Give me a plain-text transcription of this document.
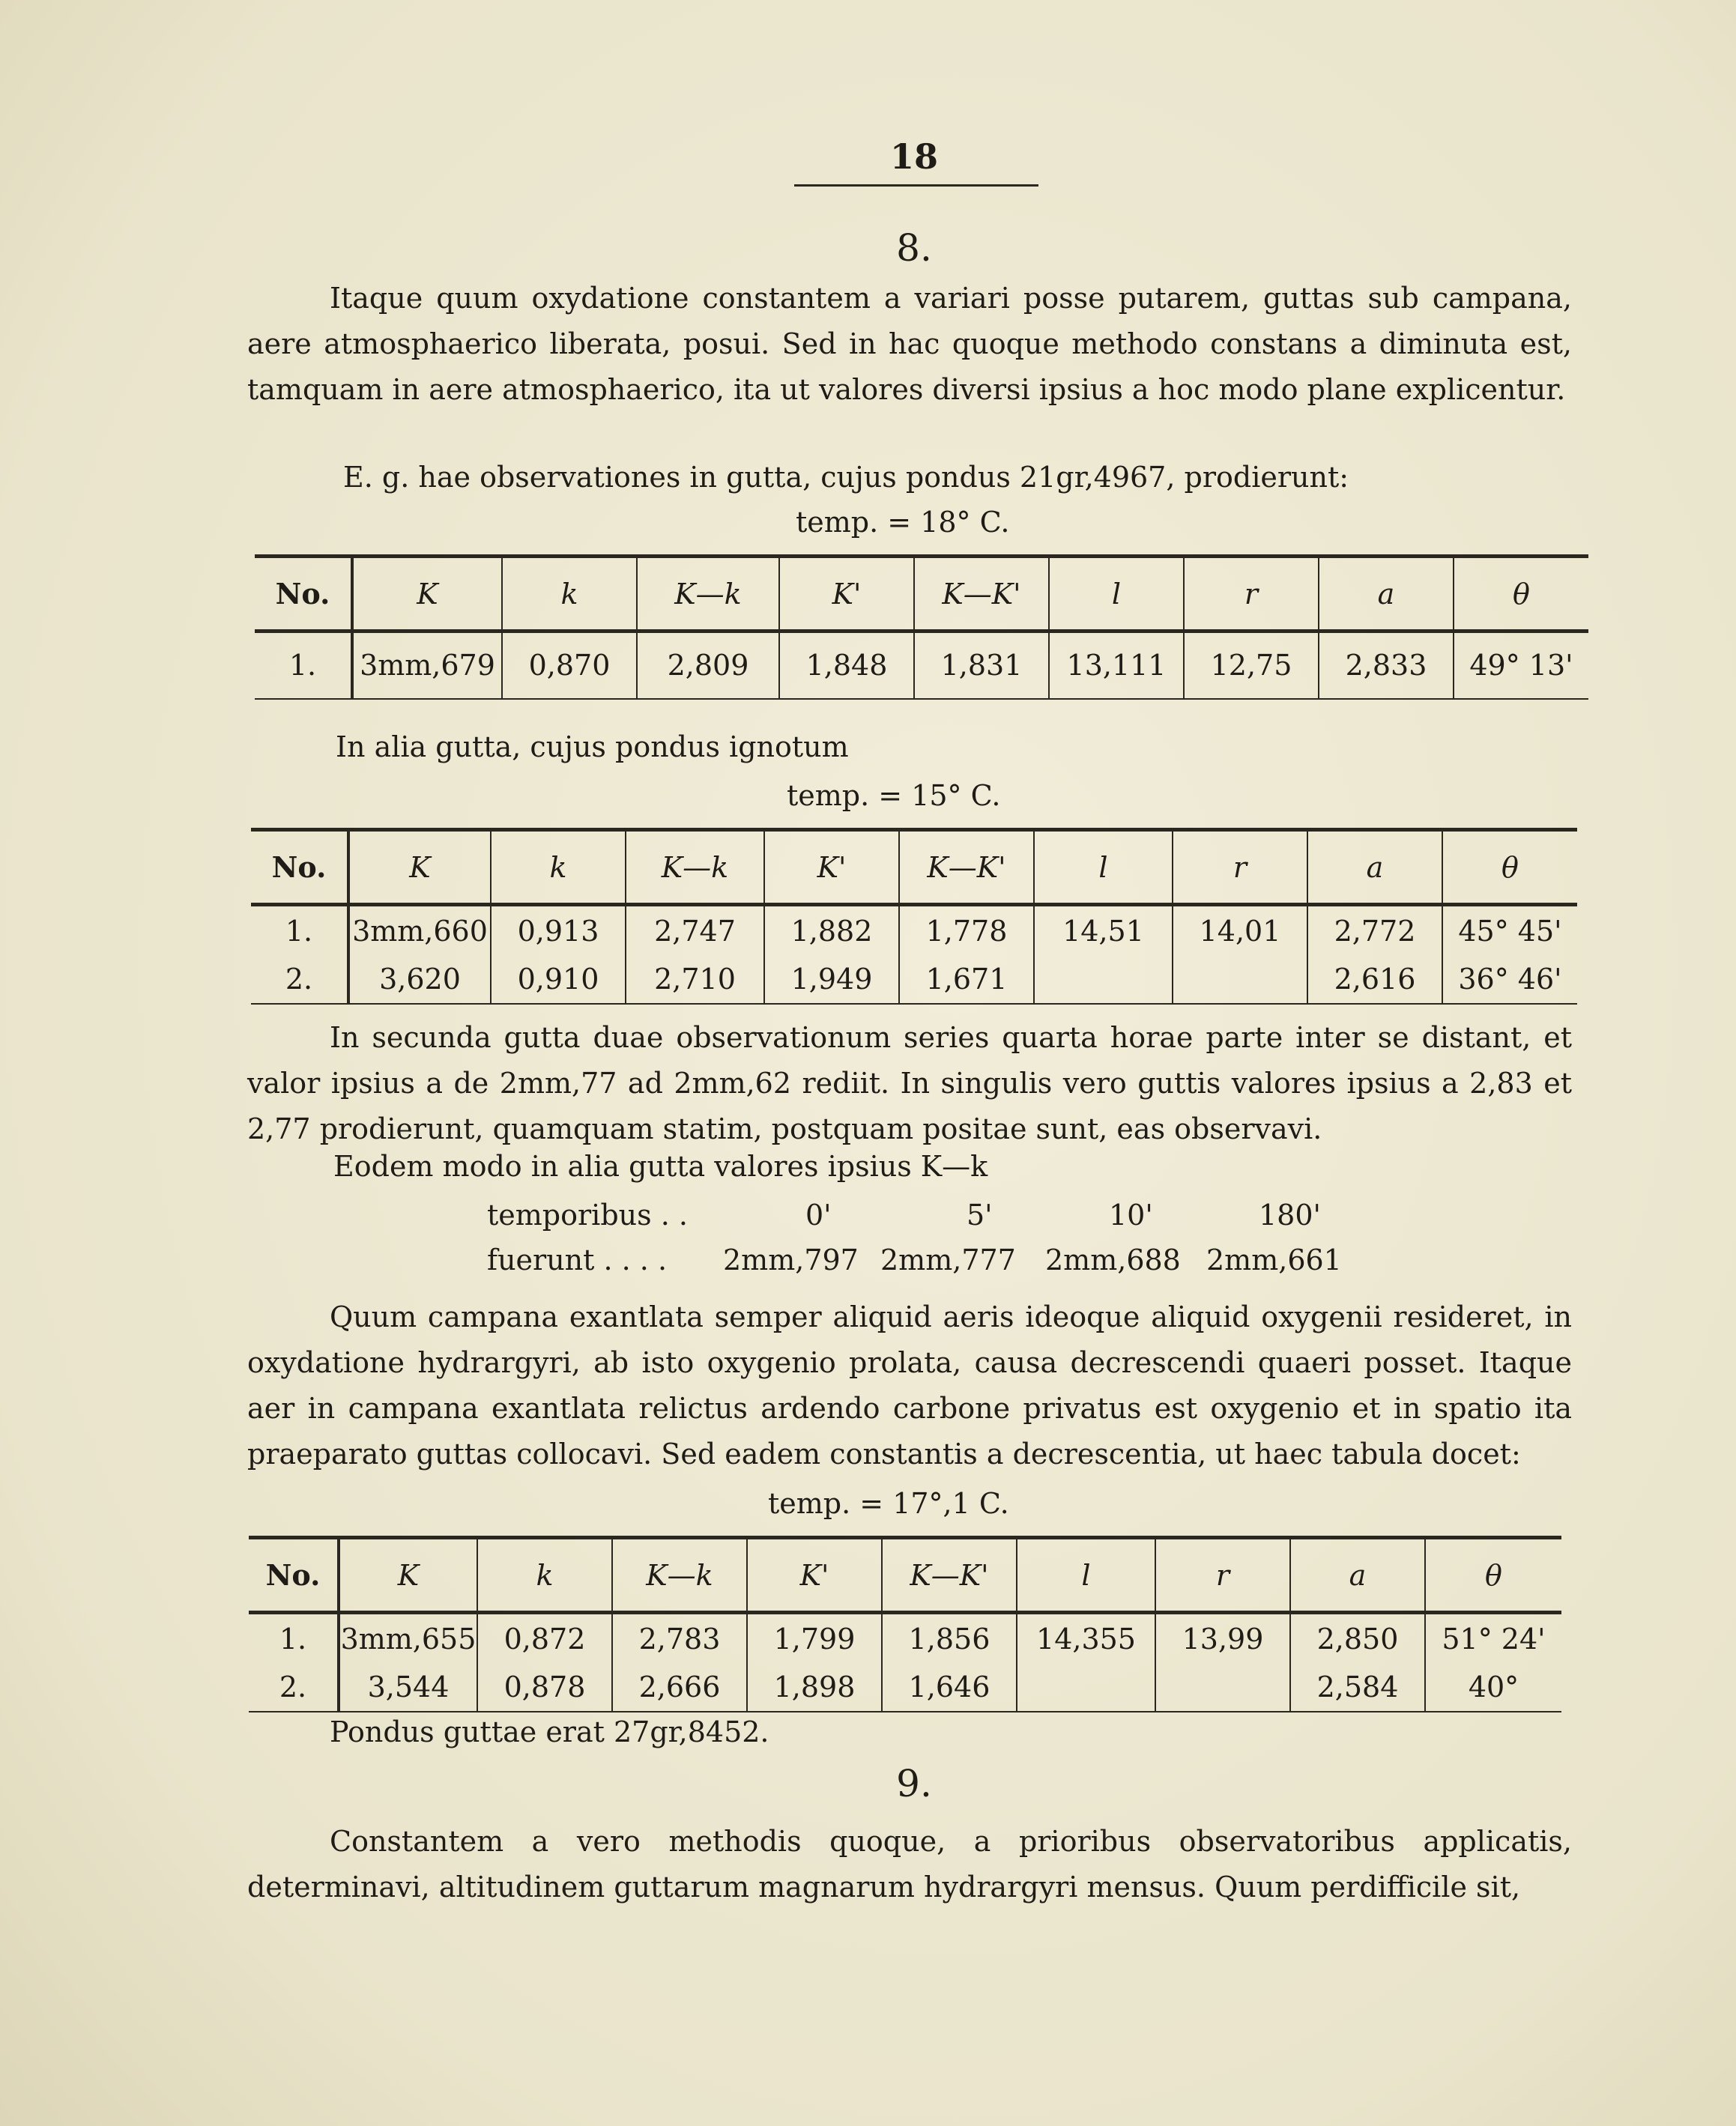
18
8.

Itaque quum oxydatione constantem a variari posse putarem, guttas sub campana, aere atmosphaerico liberata, posui. Sed in hac quoque methodo constans a diminuta est, tamquam in aere atmosphaerico, ita ut valores diversi ipsius a hoc modo plane explicentur.

E. g. hae observationes in gutta, cujus pondus 21gr,4967, prodierunt:
temp. = 18° C.
No.	K	k	K—k	K'	K—K'	l	r	a	θ
1.	3mm,679	0,870	2,809	1,848	1,831	13,111	12,75	2,833	49° 13'
In alia gutta, cujus pondus ignotum
temp. = 15° C.
No.	K	k	K—k	K'	K—K'	l	r	a	θ
1.	3mm,660	0,913	2,747	1,882	1,778	14,51	14,01	2,772	45° 45'
2.	3,620	0,910	2,710	1,949	1,671			2,616	36° 46'

In secunda gutta duae observationum series quarta horae parte inter se distant, et valor ipsius a de 2mm,77 ad 2mm,62 rediit. In singulis vero guttis valores ipsius a 2,83 et 2,77 prodierunt, quamquam statim, postquam positae sunt, eas observavi.

Eodem modo in alia gutta valores ipsius K—k
temporibus . .	0'	5'	10'	180'
fuerunt . . . . 2mm,797 2mm,777 2mm,688 2mm,661

Quum campana exantlata semper aliquid aeris ideoque aliquid oxygenii resideret, in oxydatione hydrargyri, ab isto oxygenio prolata, causa decrescendi quaeri posset. Itaque aer in campana exantlata relictus ardendo carbone privatus est oxygenio et in spatio ita praeparato guttas collocavi. Sed eadem constantis a decrescentia, ut haec tabula docet:

temp. = 17°,1 C.
No.	K	k	K—k	K'	K—K'	l	r	a	θ
1.	3mm,655	0,872	2,783	1,799	1,856	14,355	13,99	2,850	51° 24'
2.	3,544	0,878	2,666	1,898	1,646			2,584	40°
Pondus guttae erat 27gr,8452.
9.

Constantem a vero methodis quoque, a prioribus observatoribus applicatis, determinavi, altitudinem guttarum magnarum hydrargyri mensus. Quum perdifficile sit,
